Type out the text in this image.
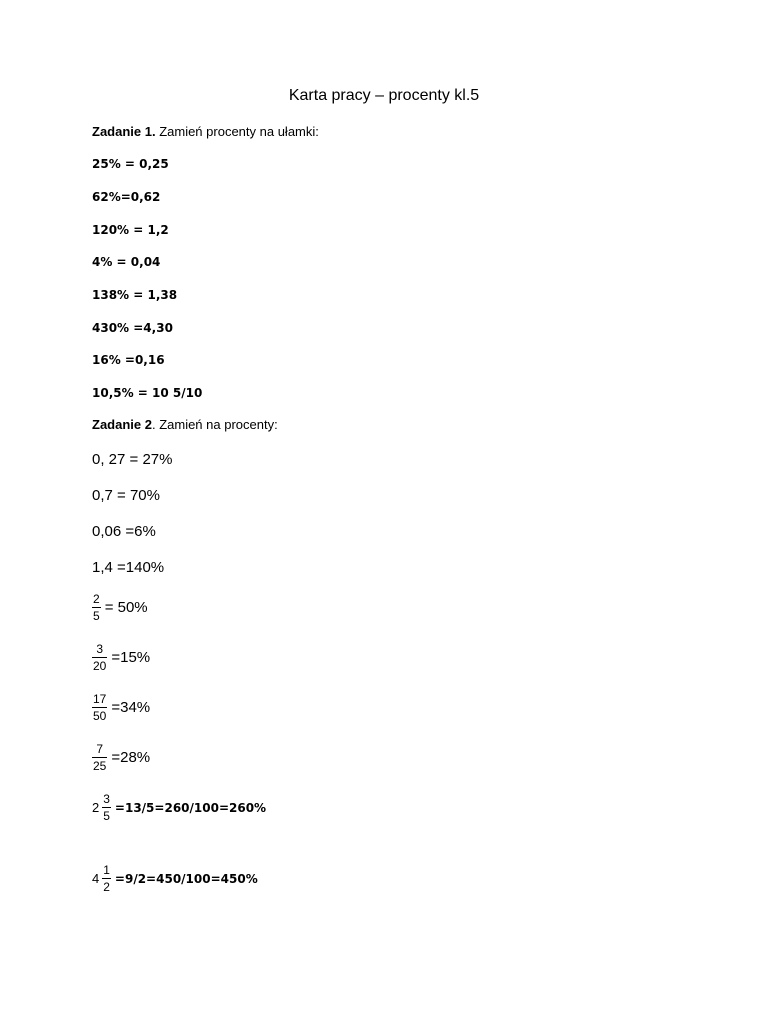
Karta pracy – procenty kl.5
Zadanie 1. Zamień procenty na ułamki:
25% = 0,25
62%=0,62
120% = 1,2
4% = 0,04
138% = 1,38
430% =4,30
16% =0,16
10,5% = 10 5/10
Zadanie 2. Zamień na procenty:
0, 27 = 27%
0,7 = 70%
0,06 =6%
1,4 =140%
$\frac{2}{5} = 50\%$
$\frac{3}{20} =15\%$
$\frac{17}{50} =34\%$
$\frac{7}{25} =28\%$
$2 \frac{3}{5} =13/5=260/100=260\%$
$4 \frac{1}{2} =9/2=450/100=450\%$
